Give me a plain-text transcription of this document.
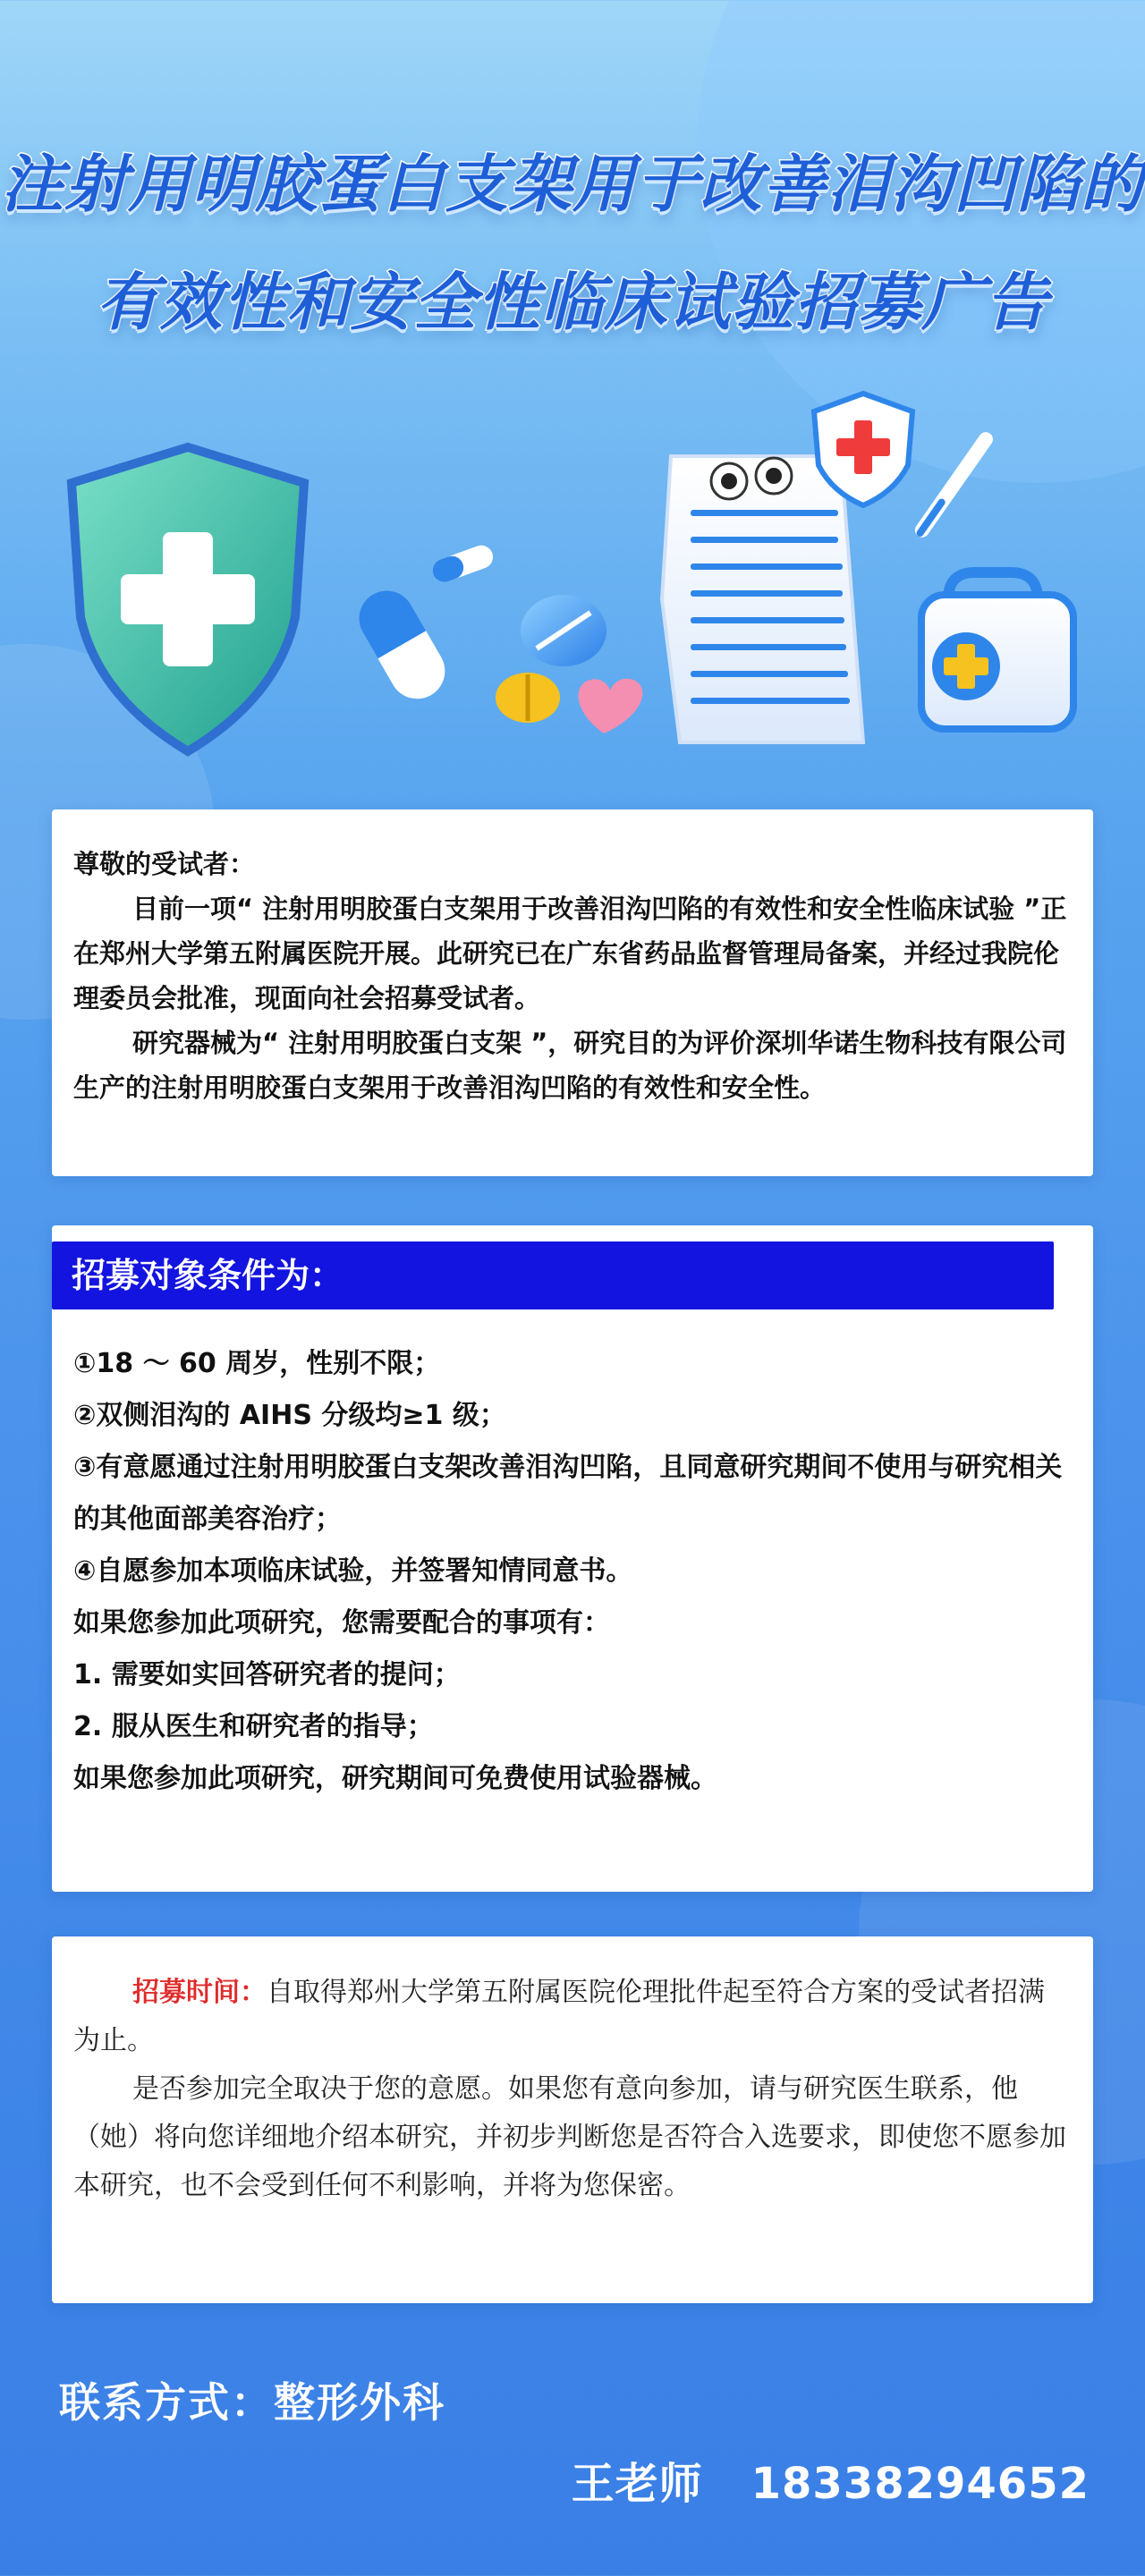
注射用明胶蛋白支架用于改善泪沟凹陷的
有效性和安全性临床试验招募广告
尊敬的受试者：
目前一项“ 注射用明胶蛋白支架用于改善泪沟凹陷的有效性和安全性临床试验 ”正在郑州大学第五附属医院开展。此研究已在广东省药品监督管理局备案，并经过我院伦理委员会批准，现面向社会招募受试者。
研究器械为“ 注射用明胶蛋白支架 ”，研究目的为评价深圳华诺生物科技有限公司生产的注射用明胶蛋白支架用于改善泪沟凹陷的有效性和安全性。
招募对象条件为：
①18 ～ 60 周岁，性别不限；
②双侧泪沟的 AIHS 分级均≥1 级；
③有意愿通过注射用明胶蛋白支架改善泪沟凹陷，且同意研究期间不使用与研究相关的其他面部美容治疗；
④自愿参加本项临床试验，并签署知情同意书。
如果您参加此项研究，您需要配合的事项有：
1. 需要如实回答研究者的提问；
2. 服从医生和研究者的指导；
如果您参加此项研究，研究期间可免费使用试验器械。
招募时间：自取得郑州大学第五附属医院伦理批件起至符合方案的受试者招满为止。
是否参加完全取决于您的意愿。如果您有意向参加，请与研究医生联系，他（她）将向您详细地介绍本研究，并初步判断您是否符合入选要求，即使您不愿参加本研究，也不会受到任何不利影响，并将为您保密。
联系方式：整形外科
王老师 18338294652
